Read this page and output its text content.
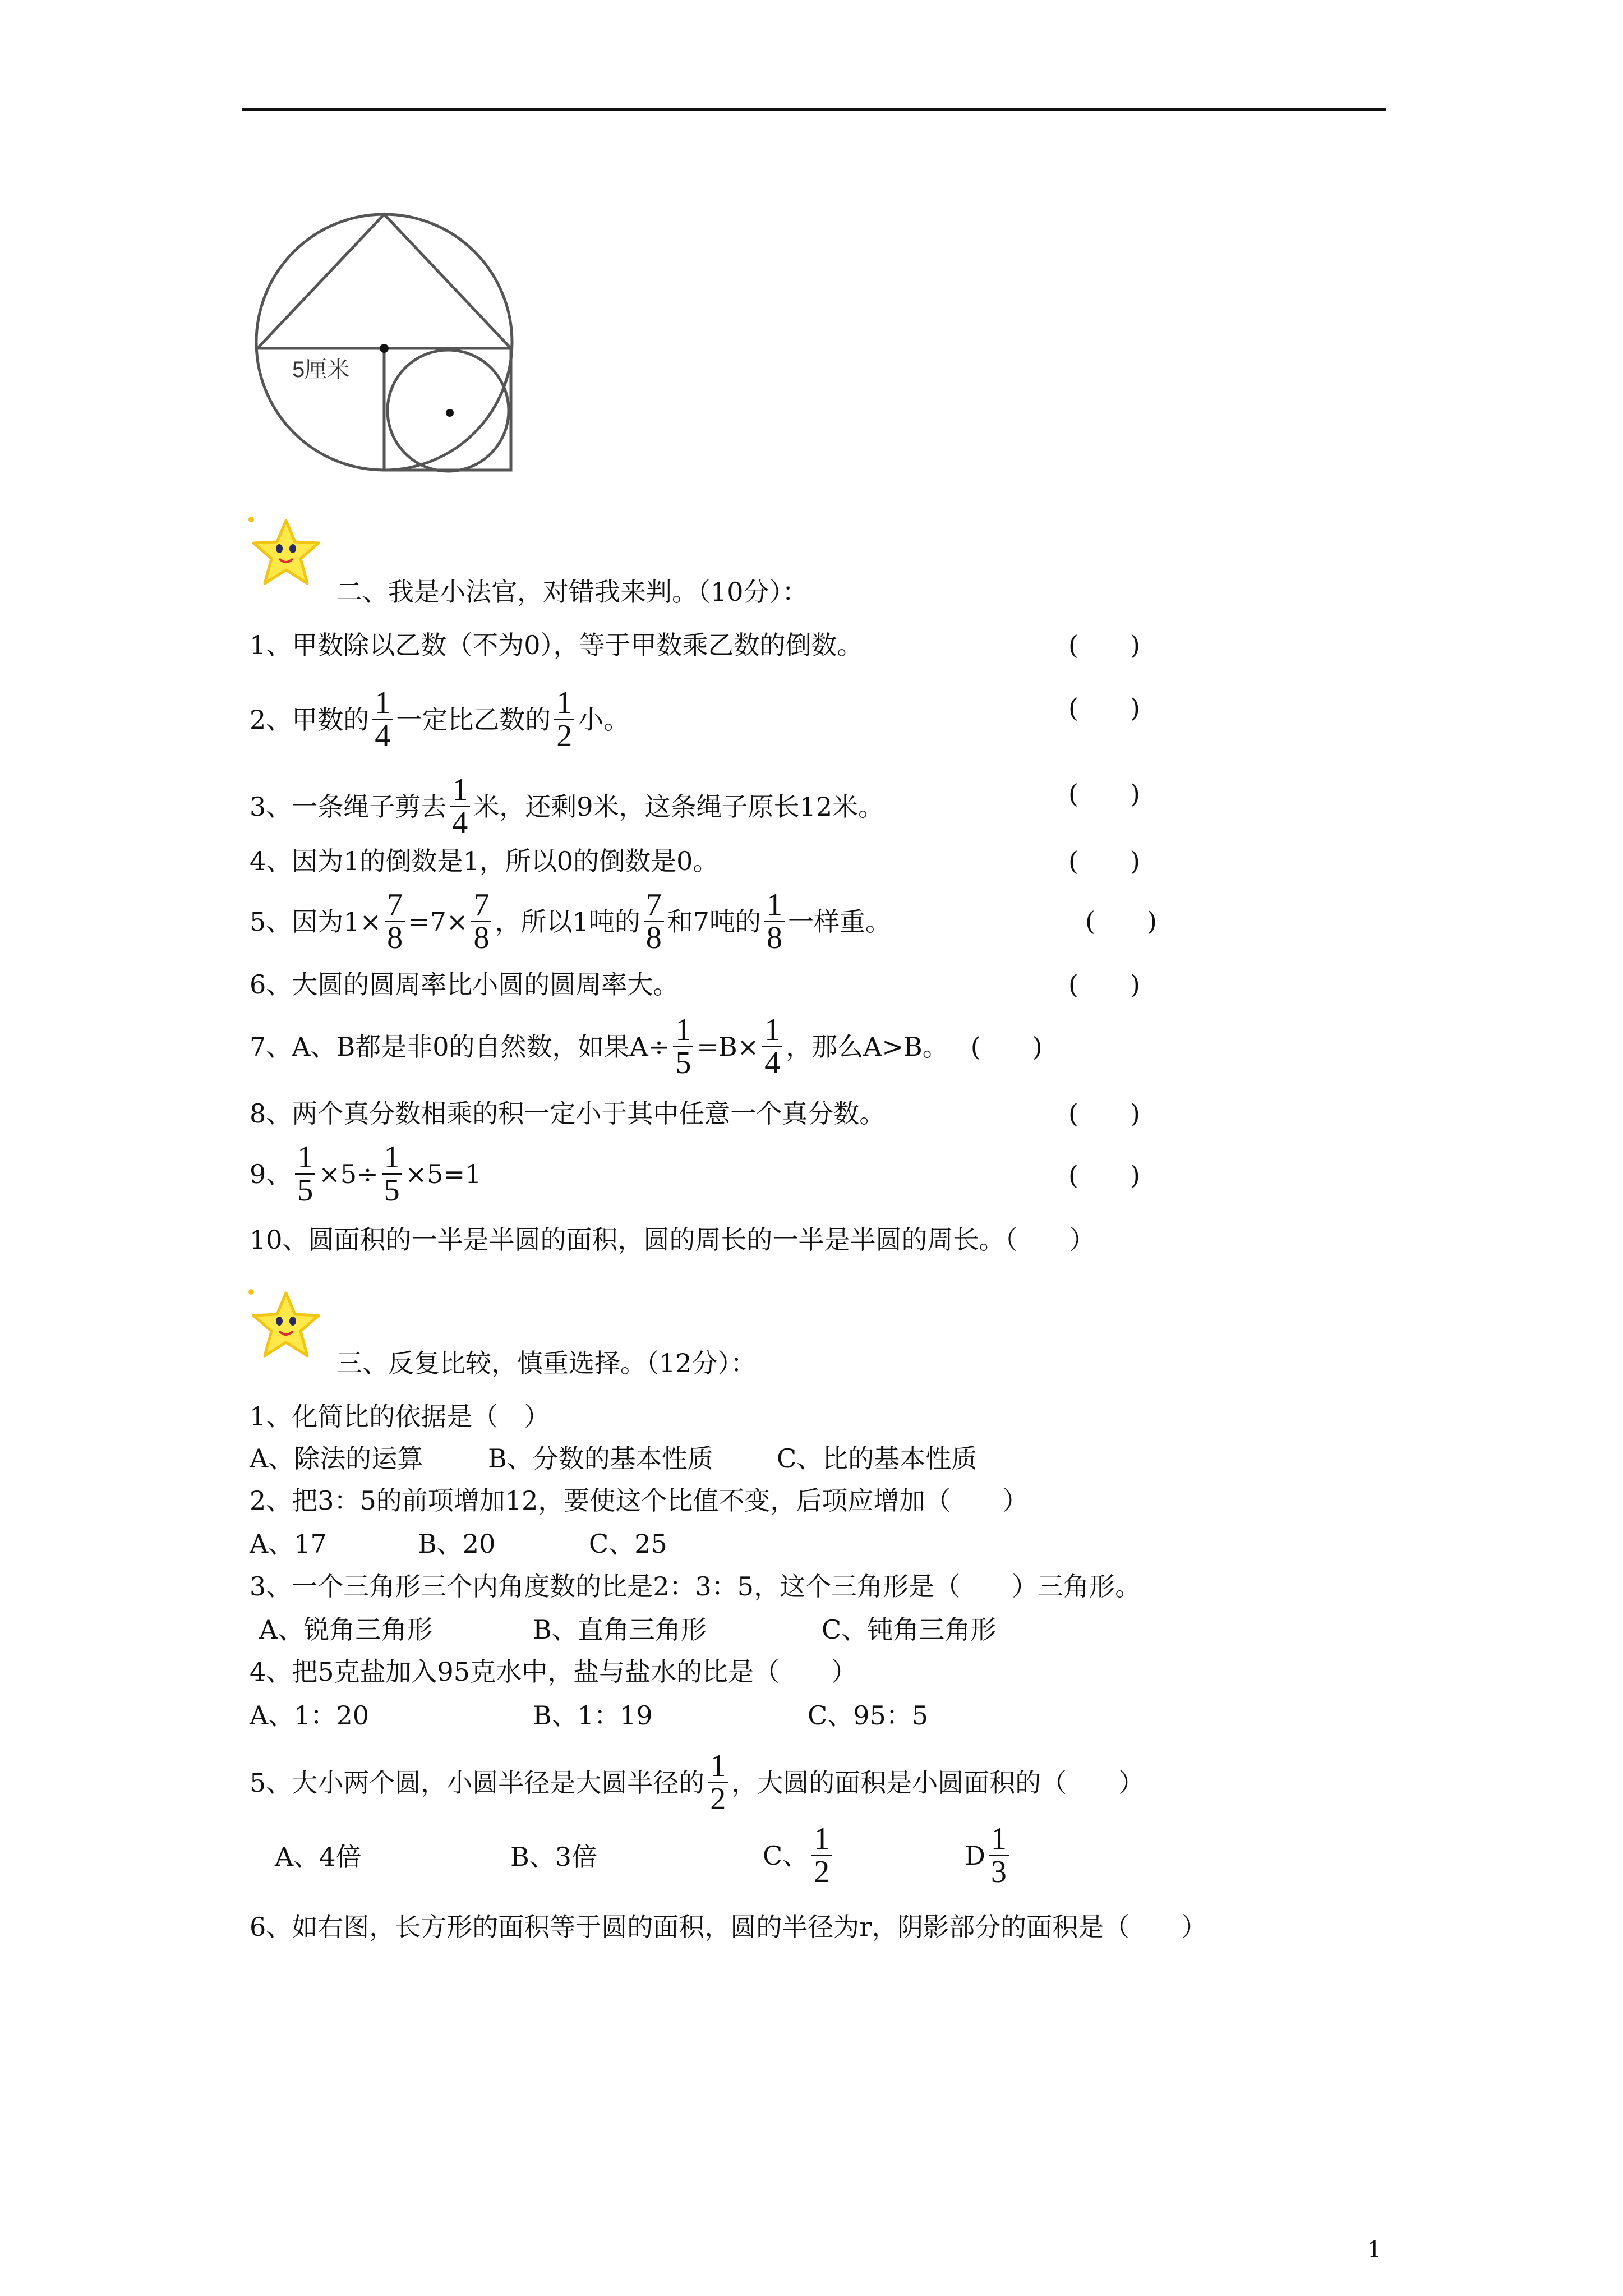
5厘米
二、我是小法官，对错我来判。（10分）：
1、甲数除以乙数（不为0），等于甲数乘乙数的倒数。	(　　)
2、甲数的 $\frac{1}{4}$ 一定比乙数的 $\frac{1}{2}$ 小。	(　　)
3、一条绳子剪去 $\frac{1}{4}$ 米，还剩9米，这条绳子原长12米。	(　　)
4、因为1的倒数是1，所以0的倒数是0。	(　　)
5、因为$1\times \frac{7}{8} =7\times \frac{7}{8}$ ，所以1吨的 $\frac{7}{8}$ 和7吨的 $\frac{1}{8}$ 一样重。	(　　)
6、大圆的圆周率比小圆的圆周率大。	(　　)
7、A、B都是非0的自然数，如果$A\div \frac{1}{5} =B\times \frac{1}{4}$ ，那么A>B。 (　　)
8、两个真分数相乘的积一定小于其中任意一个真分数。	(　　)
9、 $\frac{1}{5} \times 5\div \frac{1}{5} \times 5=1$	(　　)
10、圆面积的一半是半圆的面积，圆的周长的一半是半圆的周长。（　　）
三、反复比较，慎重选择。（12分）：
1、化简比的依据是（　）
A、除法的运算	B、分数的基本性质 C、比的基本性质
2、把3：5的前项增加12，要使这个比值不变，后项应增加（　　）
A、17	B、20	C、25
3、一个三角形三个内角度数的比是2：3：5，这个三角形是（　　）三角形。
A、锐角三角形	B、直角三角形	C、钝角三角形
4、把5克盐加入95克水中，盐与盐水的比是（　　）
A、1：20	B、1：19	C、95：5
5、大小两个圆，小圆半径是大圆半径的 $\frac{1}{2}$ ，大圆的面积是小圆面积的（　　）
A、4倍	B、3倍	C、 $\frac{1}{2}$	D $\frac{1}{3}$
6、如右图，长方形的面积等于圆的面积，圆的半径为r，阴影部分的面积是（　　）
1
